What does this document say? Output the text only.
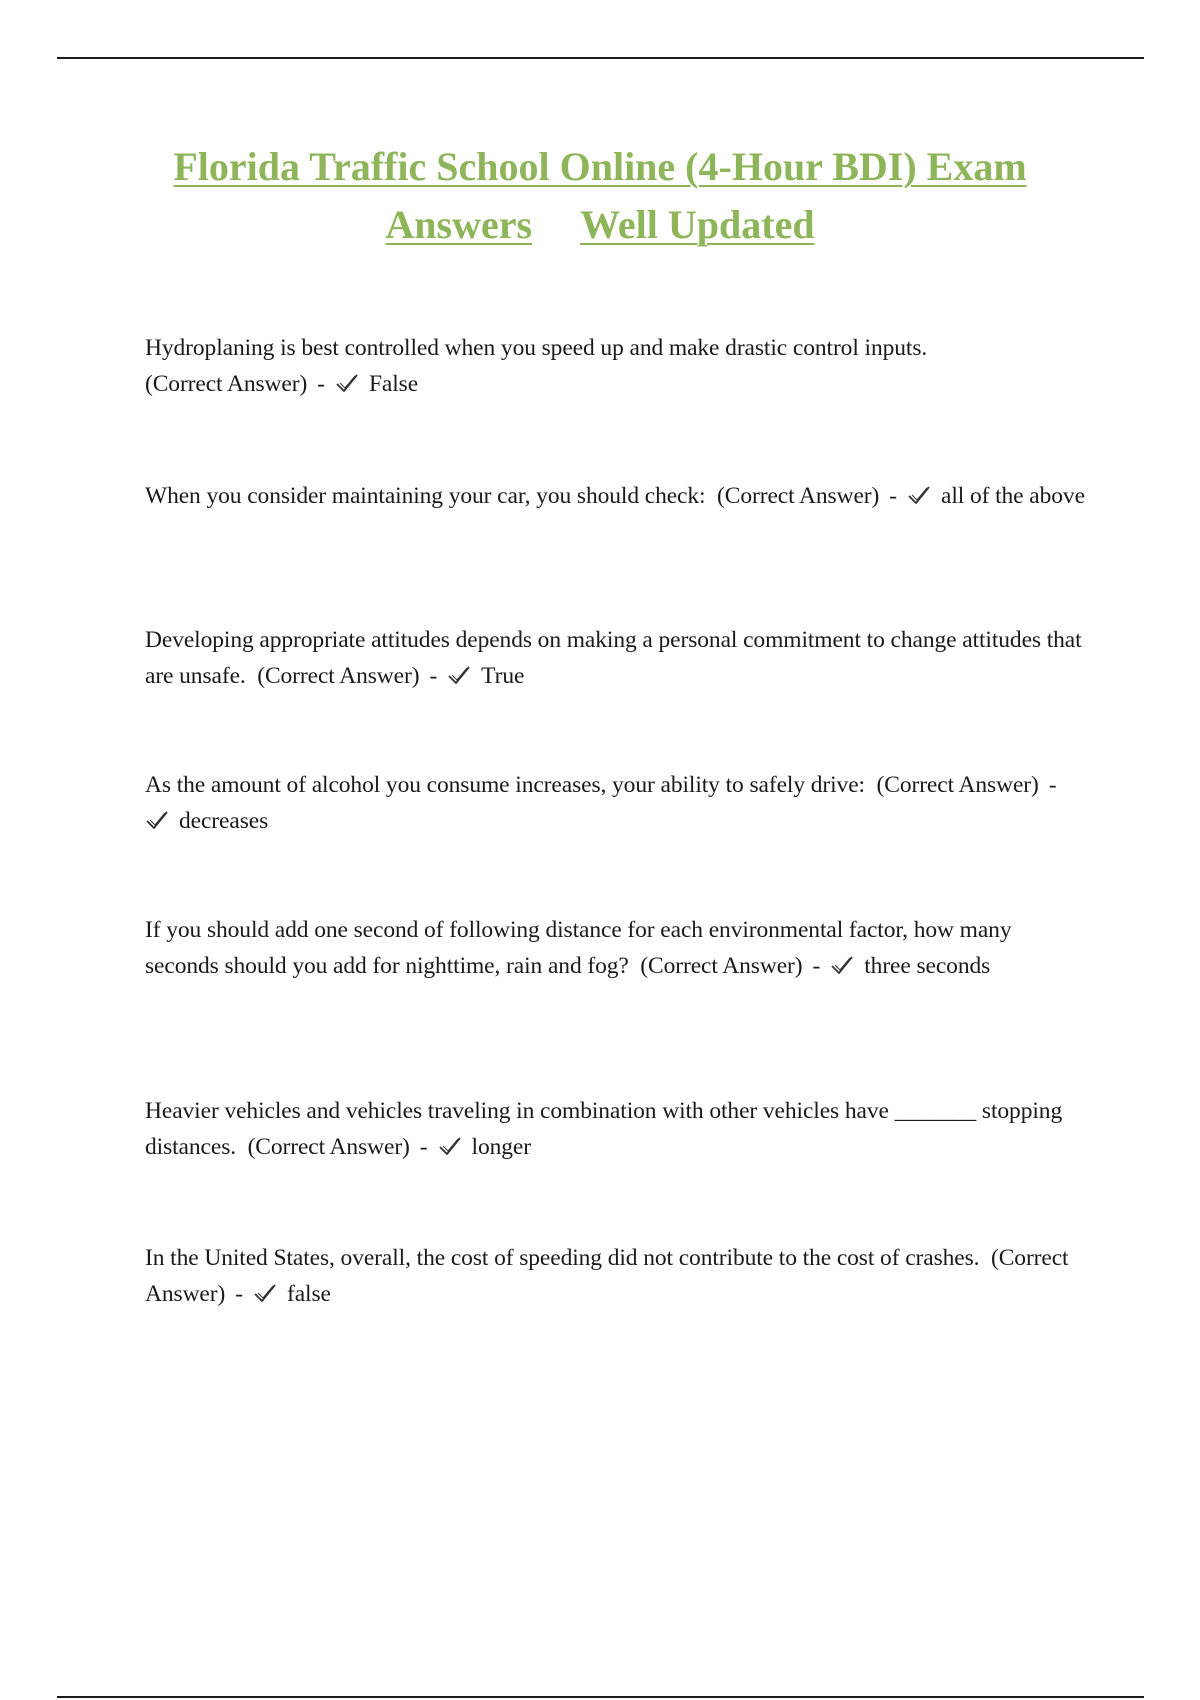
Florida Traffic School Online (4-Hour BDI) Exam
Answers Well Updated

Hydroplaning is best controlled when you speed up and make drastic control inputs.
(Correct Answer) - False

When you consider maintaining your car, you should check: (Correct Answer) - all of the above

Developing appropriate attitudes depends on making a personal commitment to change attitudes that are unsafe. (Correct Answer) - True

As the amount of alcohol you consume increases, your ability to safely drive: (Correct Answer) -
decreases

If you should add one second of following distance for each environmental factor, how many seconds should you add for nighttime, rain and fog? (Correct Answer) - three seconds

Heavier vehicles and vehicles traveling in combination with other vehicles have _______ stopping distances. (Correct Answer) - longer

In the United States, overall, the cost of speeding did not contribute to the cost of crashes. (Correct Answer) - false
